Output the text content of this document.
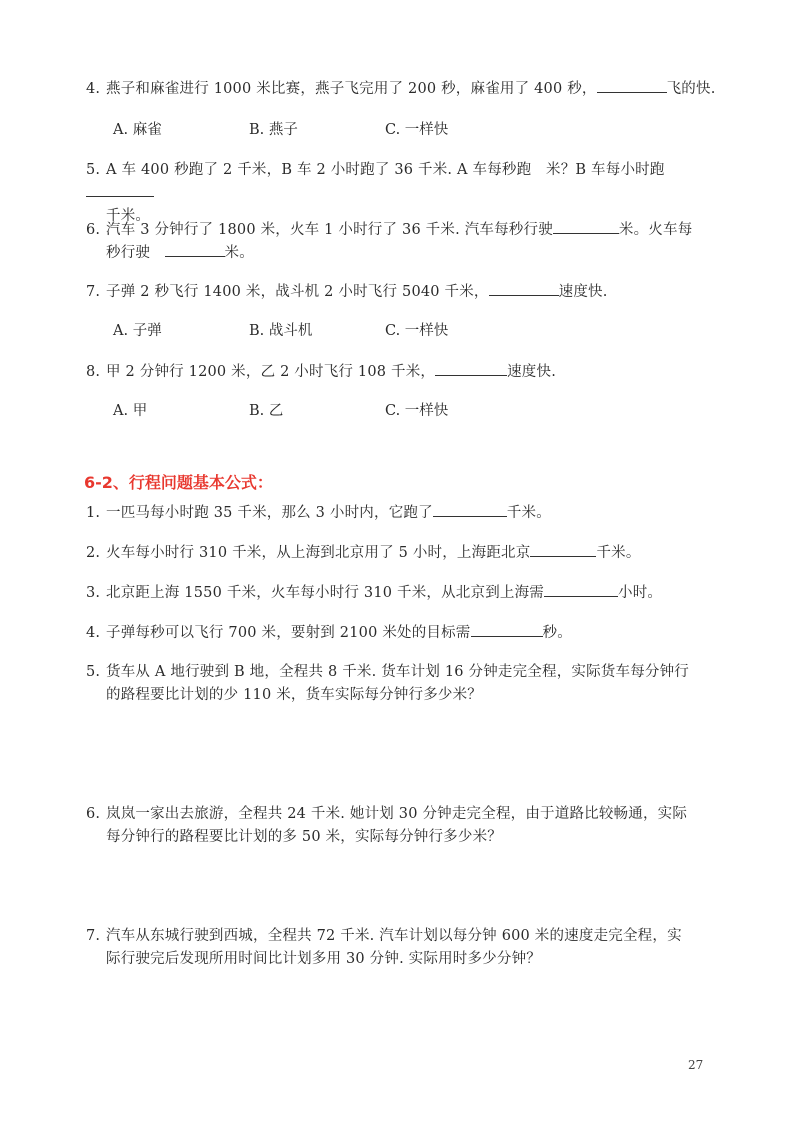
4. 燕子和麻雀进行 1000 米比赛，燕子飞完用了 200 秒，麻雀用了 400 秒，	飞的快.
A. 麻雀	B. 燕子	C. 一样快
5. A 车 400 秒跑了 2 千米，B 车 2 小时跑了 36 千米. A 车每秒跑　米？B 车每小时跑
千米。
6. 汽车 3 分钟行了 1800 米，火车 1 小时行了 36 千米. 汽车每秒行驶	米。火车每
秒行驶	米。
7. 子弹 2 秒飞行 1400 米，战斗机 2 小时飞行 5040 千米，	速度快.
A. 子弹	B. 战斗机	C. 一样快
8. 甲 2 分钟行 1200 米，乙 2 小时飞行 108 千米，	速度快.
A. 甲	B. 乙	C. 一样快
6-2、行程问题基本公式：
1. 一匹马每小时跑 35 千米，那么 3 小时内，它跑了	千米。
2. 火车每小时行 310 千米，从上海到北京用了 5 小时，上海距北京	千米。
3. 北京距上海 1550 千米，火车每小时行 310 千米，从北京到上海需	小时。
4. 子弹每秒可以飞行 700 米，要射到 2100 米处的目标需	秒。
5. 货车从 A 地行驶到 B 地，全程共 8 千米. 货车计划 16 分钟走完全程，实际货车每分钟行
的路程要比计划的少 110 米，货车实际每分钟行多少米？
6. 岚岚一家出去旅游，全程共 24 千米. 她计划 30 分钟走完全程，由于道路比较畅通，实际
每分钟行的路程要比计划的多 50 米，实际每分钟行多少米？
7. 汽车从东城行驶到西城，全程共 72 千米. 汽车计划以每分钟 600 米的速度走完全程，实
际行驶完后发现所用时间比计划多用 30 分钟. 实际用时多少分钟？
27
